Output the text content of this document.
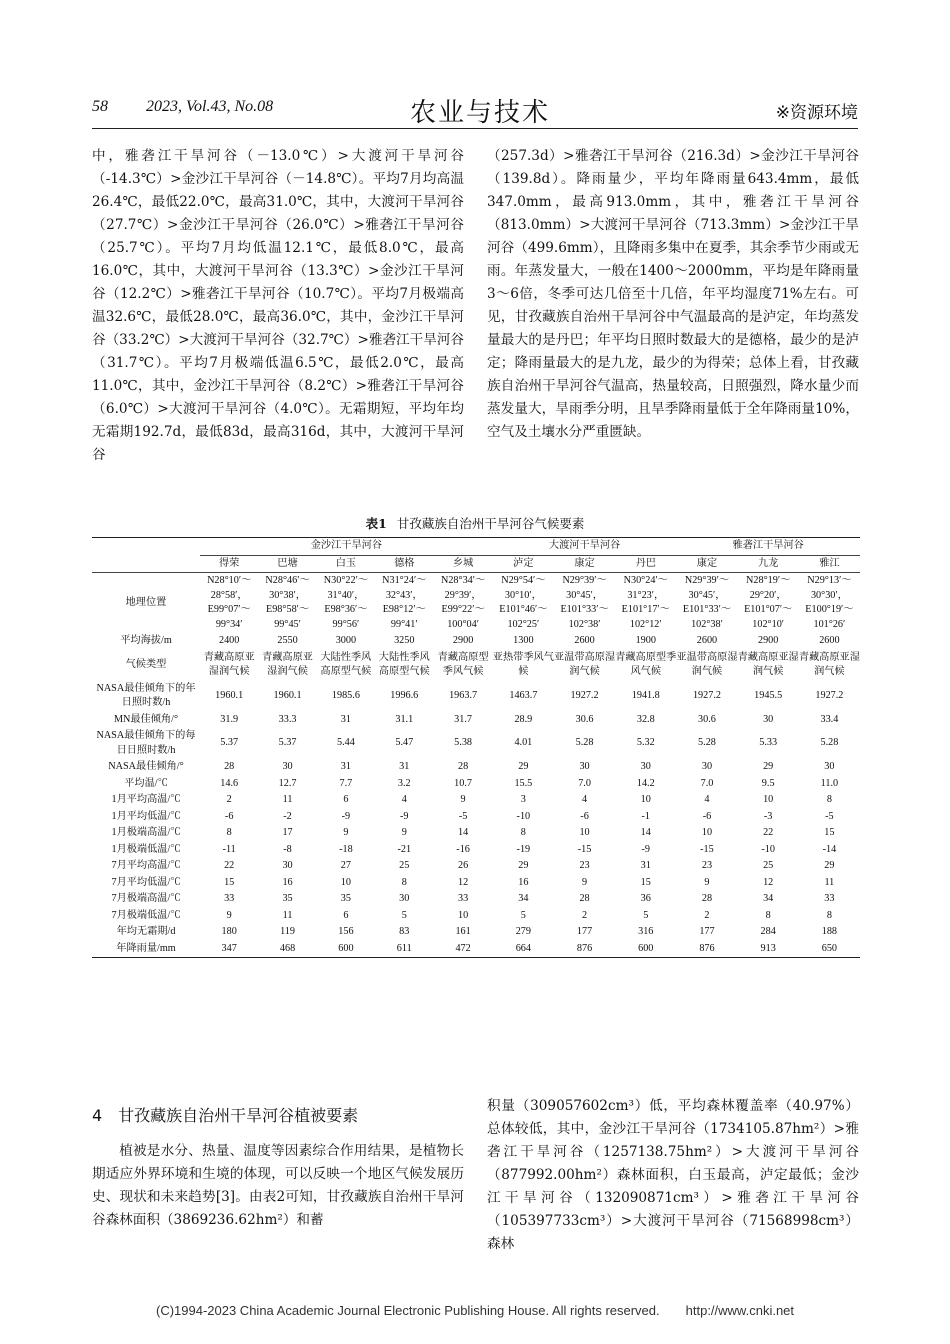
58 2023, Vol.43, No.08	农业与技术	※资源环境

中，雅砻江干旱河谷（－13.0℃）>大渡河干旱河谷（-14.3℃）>金沙江干旱河谷（－14.8℃）。平均7月均高温26.4℃，最低22.0℃，最高31.0℃，其中，大渡河干旱河谷（27.7℃）>金沙江干旱河谷（26.0℃）>雅砻江干旱河谷（25.7℃）。平均7月均低温12.1℃，最低8.0℃，最高16.0℃，其中，大渡河干旱河谷（13.3℃）>金沙江干旱河谷（12.2℃）>雅砻江干旱河谷（10.7℃）。平均7月极端高温32.6℃，最低28.0℃，最高36.0℃，其中，金沙江干旱河谷（33.2℃）>大渡河干旱河谷（32.7℃）>雅砻江干旱河谷（31.7℃）。平均7月极端低温6.5℃，最低2.0℃，最高11.0℃，其中，金沙江干旱河谷（8.2℃）>雅砻江干旱河谷（6.0℃）>大渡河干旱河谷（4.0℃）。无霜期短，平均年均无霜期192.7d，最低83d，最高316d，其中，大渡河干旱河谷

（257.3d）>雅砻江干旱河谷（216.3d）>金沙江干旱河谷（139.8d）。降雨量少，平均年降雨量643.4mm，最低347.0mm，最高913.0mm，其中，雅砻江干旱河谷（813.0mm）>大渡河干旱河谷（713.3mm）>金沙江干旱河谷（499.6mm），且降雨多集中在夏季，其余季节少雨或无雨。年蒸发量大，一般在1400～2000mm，平均是年降雨量3～6倍，冬季可达几倍至十几倍，年平均湿度71%左右。可见，甘孜藏族自治州干旱河谷中气温最高的是泸定，年均蒸发量最大的是丹巴；年平均日照时数最大的是德格，最少的是泸定；降雨量最大的是九龙，最少的为得荣；总体上看，甘孜藏族自治州干旱河谷气温高，热量较高，日照强烈，降水量少而蒸发量大，旱雨季分明，且旱季降雨量低于全年降雨量10%，空气及土壤水分严重匮缺。

表1 甘孜藏族自治州干旱河谷气候要素
	金沙江干旱河谷					大渡河干旱河谷			雅砻江干旱河谷		
	得荣	巴塘	白玉	德格	乡城	泸定	康定	丹巴	康定	九龙	雅江
地理位置	N28°10′～28°58′，E99°07′～99°34′	N28°46′～30°38′，E98°58′～99°45′	N30°22′～31°40′，E98°36′～99°56′	N31°24′～32°43′，E98°12′～99°41′	N28°34′～29°39′，E99°22′～100°04′	N29°54′～30°10′，E101°46′～102°25′	N29°39′～30°45′，E101°33′～102°38′	N30°24′～31°23′，E101°17′～102°12′	N29°39′～30°45′，E101°33′～102°38′	N28°19′～29°20′，E101°07′～102°10′	N29°13′～30°30′，E100°19′～101°26′
平均海拔/m	2400	2550	3000	3250	2900	1300	2600	1900	2600	2900	2600
气候类型	青藏高原亚湿润气候	青藏高原亚湿润气候	大陆性季风高原型气候	大陆性季风高原型气候	青藏高原型季风气候	亚热带季风气候	亚温带高原湿润气候	青藏高原型季风气候	亚温带高原湿润气候	青藏高原亚湿润气候	青藏高原亚湿润气候
NASA最佳倾角下的年日照时数/h	1960.1	1960.1	1985.6	1996.6	1963.7	1463.7	1927.2	1941.8	1927.2	1945.5	1927.2
MN最佳倾角/°	31.9	33.3	31	31.1	31.7	28.9	30.6	32.8	30.6	30	33.4
NASA最佳倾角下的每日日照时数/h	5.37	5.37	5.44	5.47	5.38	4.01	5.28	5.32	5.28	5.33	5.28
NASA最佳倾角/°	28	30	31	31	28	29	30	30	30	29	30
平均温/℃	14.6	12.7	7.7	3.2	10.7	15.5	7.0	14.2	7.0	9.5	11.0
1月平均高温/℃	2	11	6	4	9	3	4	10	4	10	8
1月平均低温/℃	-6	-2	-9	-9	-5	-10	-6	-1	-6	-3	-5
1月极端高温/℃	8	17	9	9	14	8	10	14	10	22	15
1月极端低温/℃	-11	-8	-18	-21	-16	-19	-15	-9	-15	-10	-14
7月平均高温/℃	22	30	27	25	26	29	23	31	23	25	29
7月平均低温/℃	15	16	10	8	12	16	9	15	9	12	11
7月极端高温/℃	33	35	35	30	33	34	28	36	28	34	33
7月极端低温/℃	9	11	6	5	10	5	2	5	2	8	8
年均无霜期/d	180	119	156	83	161	279	177	316	177	284	188
年降雨量/mm	347	468	600	611	472	664	876	600	876	913	650
4　甘孜藏族自治州干旱河谷植被要素

植被是水分、热量、温度等因素综合作用结果，是植物长期适应外界环境和生境的体现，可以反映一个地区气候发展历史、现状和未来趋势[3]。由表2可知，甘孜藏族自治州干旱河谷森林面积（3869236.62hm²）和蓄

积量（309057602cm³）低，平均森林覆盖率（40.97%）总体较低，其中，金沙江干旱河谷（1734105.87hm²）>雅砻江干旱河谷（1257138.75hm²）>大渡河干旱河谷（877992.00hm²）森林面积，白玉最高，泸定最低；金沙江干旱河谷（132090871cm³）>雅砻江干旱河谷（105397733cm³）>大渡河干旱河谷（71568998cm³）森林

(C)1994-2023 China Academic Journal Electronic Publishing House. All rights reserved.　　http://www.cnki.net
